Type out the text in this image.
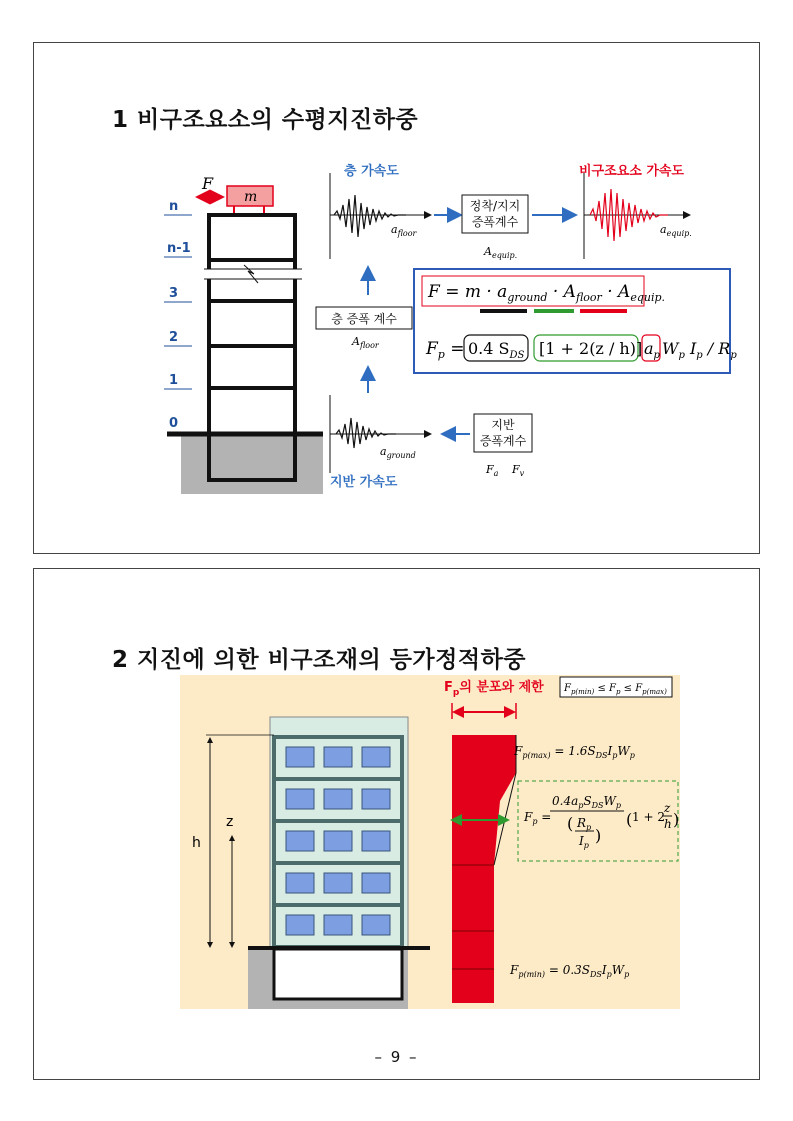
1 비구조요소의 수평지진하중
n
n-1
3
2
1
0
m
F
층 가속도
$a_{floor}$
정착/지지
증폭계수
$A_{equip.}$
비구조요소 가속도
$a_{equip.}$
층 증폭 계수
$A_{floor}$
$a_{ground}$
지반 가속도
지반
증폭계수
$F_a$ $F_v$
$F = m \cdot a_{ground} \cdot A_{floor} \cdot A_{equip.}$
$F_p = 0.4$ $S_{DS}$ [1 + 2(z / h)] $a_p$ $W_p$ $I_p / R_p$
2 지진에 의한 비구조재의 등가정적하중
h
z
$F_p$의 분포와 제한 $F_{p(min)} \le F_p \le F_{p(max)}$
$F_{p(max)} = 1.6S_{DS}I_pW_p$
$F_p$ =
$0.4a_pS_{DS}W_p$
( $R_p$
$I_p$
)
( 1 + 2
z
h )
$F_{p(min)} = 0.3S_{DS}I_pW_p$
– 9 –
